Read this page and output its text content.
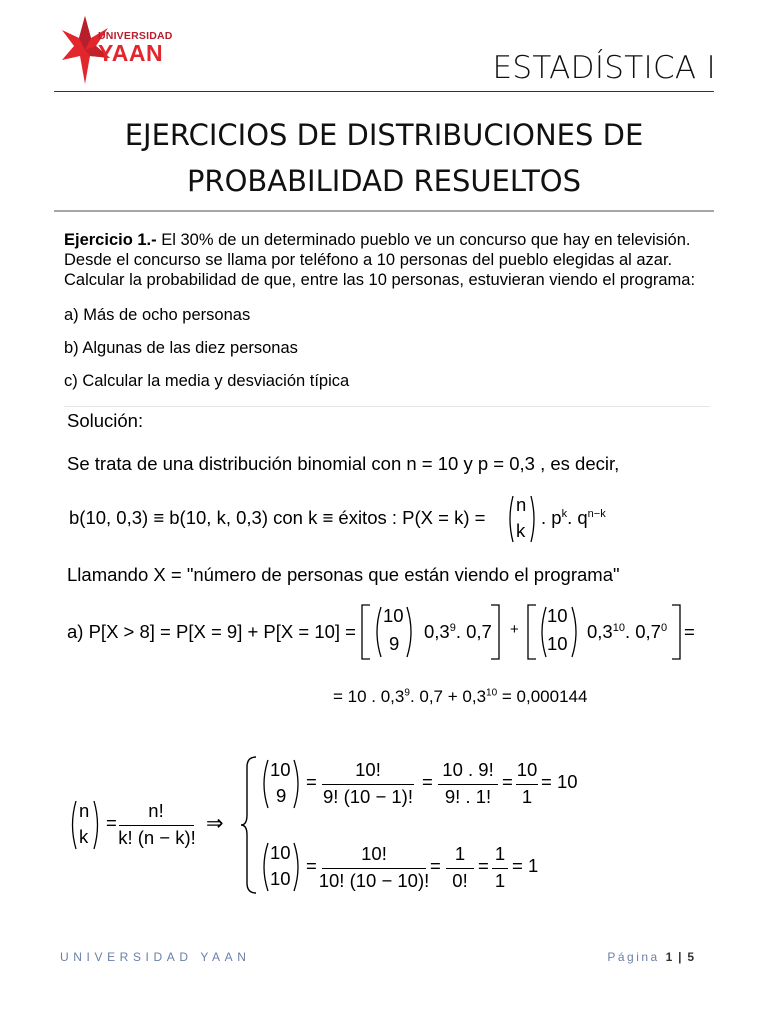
UNIVERSIDAD
YAAN	ESTADÍSTICA I
EJERCICIOS DE DISTRIBUCIONES DE
PROBABILIDAD RESUELTOS
Ejercicio 1.- El 30% de un determinado pueblo ve un concurso que hay en televisión.
Desde el concurso se llama por teléfono a 10 personas del pueblo elegidas al azar.
Calcular la probabilidad de que, entre las 10 personas, estuvieran viendo el programa:
a) Más de ocho personas
b) Algunas de las diez personas
c) Calcular la media y desviación típica
Solución:
Se trata de una distribución binomial con n = 10 y p = 0,3 , es decir,
b(10, 0,3) ≡ b(10, k, 0,3) con k ≡ éxitos : P(X = k) =
n
k
. $p^k$. $q^{n-k}$
Llamando X = "número de personas que están viendo el programa"
a) P[X > 8] = P[X = 9] + P[X = 10] =
10
9
$0,3^9$. 0,7 +
10
10
$0,3^{10}$. $0,7^0$ =
= 10 . $0,3^9$. $0,7 + 0,3^{10} = 0,000144$
n
k
=
n!
k! (n − k)!
⇒
10
9
=
10!
9! (10 − 1)!
=
10 . 9!
9! . 1!
=
10
1
= 10
10
10
=
10!
10! (10 − 10)!
=
1
0!
=
1
1
= 1
UNIVERSIDAD YAAN	Página 1 | 5
